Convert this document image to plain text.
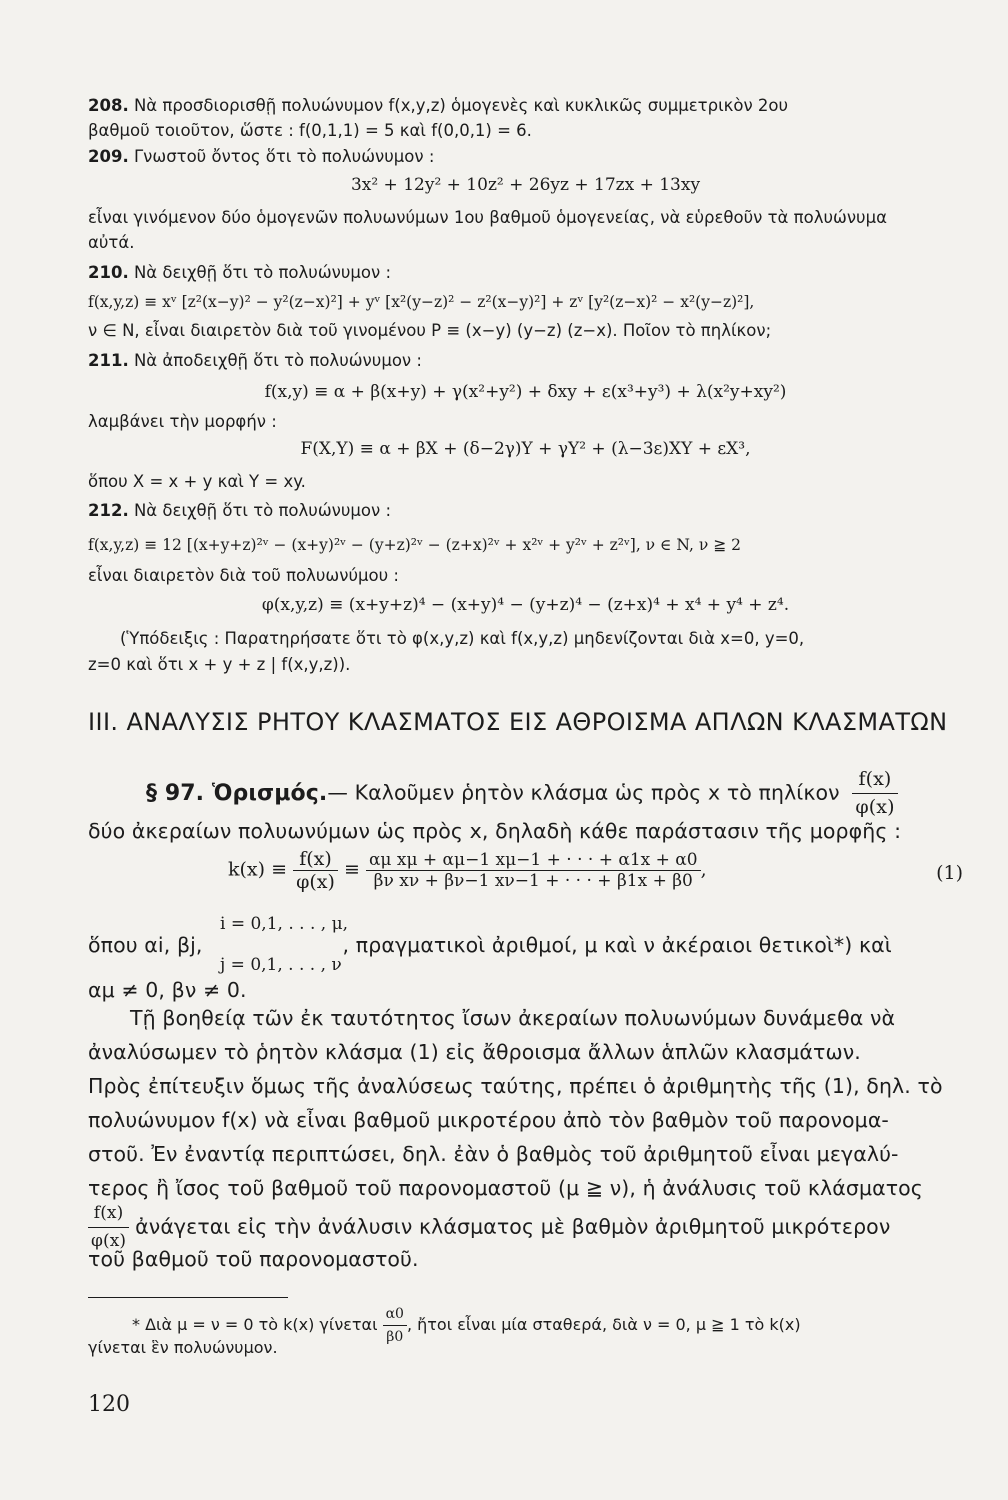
208. Νὰ προσδιορισθῇ πολυώνυμον f(x,y,z) ὁμογενὲς καὶ κυκλικῶς συμμετρικὸν 2ου
βαθμοῦ τοιοῦτον, ὥστε : f(0,1,1) = 5 καὶ f(0,0,1) = 6.
209. Γνωστοῦ ὄντος ὅτι τὸ πολυώνυμον :
3x² + 12y² + 10z² + 26yz + 17zx + 13xy
εἶναι γινόμενον δύο ὁμογενῶν πολυωνύμων 1ου βαθμοῦ ὁμογενείας, νὰ εὑρεθοῦν τὰ πολυώνυμα
αὐτά.
210. Νὰ δειχθῇ ὅτι τὸ πολυώνυμον :
f(x,y,z) ≡ xᵛ [z²(x−y)² − y²(z−x)²] + yᵛ [x²(y−z)² − z²(x−y)²] + zᵛ [y²(z−x)² − x²(y−z)²],
ν ∈ N, εἶναι διαιρετὸν διὰ τοῦ γινομένου P ≡ (x−y) (y−z) (z−x). Ποῖον τὸ πηλίκον;
211. Νὰ ἀποδειχθῇ ὅτι τὸ πολυώνυμον :
f(x,y) ≡ α + β(x+y) + γ(x²+y²) + δxy + ε(x³+y³) + λ(x²y+xy²)
λαμβάνει τὴν μορφήν :
F(X,Y) ≡ α + βX + (δ−2γ)Y + γY² + (λ−3ε)XY + εX³,
ὅπου X = x + y καὶ Y = xy.
212. Νὰ δειχθῇ ὅτι τὸ πολυώνυμον :
f(x,y,z) ≡ 12 [(x+y+z)²ᵛ − (x+y)²ᵛ − (y+z)²ᵛ − (z+x)²ᵛ + x²ᵛ + y²ᵛ + z²ᵛ], ν ∈ N, ν ≧ 2
εἶναι διαιρετὸν διὰ τοῦ πολυωνύμου :
φ(x,y,z) ≡ (x+y+z)⁴ − (x+y)⁴ − (y+z)⁴ − (z+x)⁴ + x⁴ + y⁴ + z⁴.
(Ὑπόδειξις : Παρατηρήσατε ὅτι τὸ φ(x,y,z) καὶ f(x,y,z) μηδενίζονται διὰ x=0, y=0,
z=0 καὶ ὅτι x + y + z | f(x,y,z)).
III. ΑΝΑΛΥΣΙΣ ΡΗΤΟΥ ΚΛΑΣΜΑΤΟΣ ΕΙΣ ΑΘΡΟΙΣΜΑ ΑΠΛΩΝ ΚΛΑΣΜΑΤΩΝ
§ 97. Ὁρισμός.— Καλοῦμεν ῥητὸν κλάσμα ὡς πρὸς x τὸ πηλίκον $\frac{f(x)}{\varphi(x)}$
δύο ἀκεραίων πολυωνύμων ὡς πρὸς x, δηλαδὴ κάθε παράστασιν τῆς μορφῆς :
$k(x) \equiv \frac{f(x)}{\varphi(x)} \equiv \frac{\text{αμ xμ + αμ−1 xμ−1 + · · · + α1x + α0}}{\text{βν xν + βν−1 xν−1 + · · · + β1x + β0}}$ ,	(1)
i = 0,1, . . . , μ,
ὅπου αi, βj,	, πραγματικοὶ ἀριθμοί, μ καὶ ν ἀκέραιοι θετικοὶ*) καὶ
j = 0,1, . . . , ν
αμ ≠ 0, βν ≠ 0.
Τῇ βοηθείᾳ τῶν ἐκ ταυτότητος ἴσων ἀκεραίων πολυωνύμων δυνάμεθα νὰ
ἀναλύσωμεν τὸ ῥητὸν κλάσμα (1) εἰς ἄθροισμα ἄλλων ἁπλῶν κλασμάτων.
Πρὸς ἐπίτευξιν ὅμως τῆς ἀναλύσεως ταύτης, πρέπει ὁ ἀριθμητὴς τῆς (1), δηλ. τὸ
πολυώνυμον f(x) νὰ εἶναι βαθμοῦ μικροτέρου ἀπὸ τὸν βαθμὸν τοῦ παρονομα-
στοῦ. Ἐν ἐναντίᾳ περιπτώσει, δηλ. ἐὰν ὁ βαθμὸς τοῦ ἀριθμητοῦ εἶναι μεγαλύ-
τερος ἢ ἴσος τοῦ βαθμοῦ τοῦ παρονομαστοῦ (μ ≧ ν), ἡ ἀνάλυσις τοῦ κλάσματος
$\frac{f(x)}{\varphi(x)}$ ἀνάγεται εἰς τὴν ἀνάλυσιν κλάσματος μὲ βαθμὸν ἀριθμητοῦ μικρότερον
τοῦ βαθμοῦ τοῦ παρονομαστοῦ.
* Διὰ μ = ν = 0 τὸ k(x) γίνεται $\frac{\alpha 0}{\beta 0}$ , ἤτοι εἶναι μία σταθερά, διὰ ν = 0, μ ≧ 1 τὸ k(x)
γίνεται ἓν πολυώνυμον.
120
